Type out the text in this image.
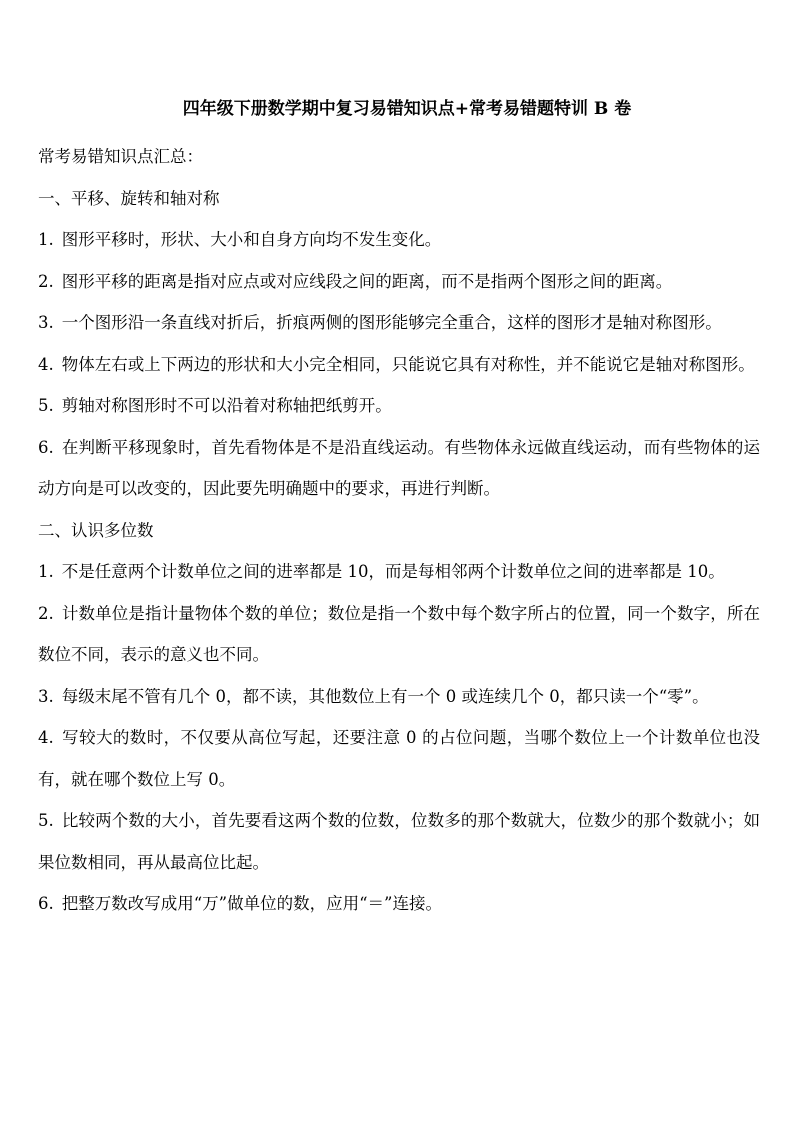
四年级下册数学期中复习易错知识点+常考易错题特训 B 卷

常考易错知识点汇总：

一、平移、旋转和轴对称

1. 图形平移时，形状、大小和自身方向均不发生变化。

2. 图形平移的距离是指对应点或对应线段之间的距离，而不是指两个图形之间的距离。

3. 一个图形沿一条直线对折后，折痕两侧的图形能够完全重合，这样的图形才是轴对称图形。

4. 物体左右或上下两边的形状和大小完全相同，只能说它具有对称性，并不能说它是轴对称图形。

5. 剪轴对称图形时不可以沿着对称轴把纸剪开。

6. 在判断平移现象时，首先看物体是不是沿直线运动。有些物体永远做直线运动，而有些物体的运动方向是可以改变的，因此要先明确题中的要求，再进行判断。

二、认识多位数

1. 不是任意两个计数单位之间的进率都是 10，而是每相邻两个计数单位之间的进率都是 10。

2. 计数单位是指计量物体个数的单位；数位是指一个数中每个数字所占的位置，同一个数字，所在数位不同，表示的意义也不同。

3. 每级末尾不管有几个 0，都不读，其他数位上有一个 0 或连续几个 0，都只读一个“零”。

4. 写较大的数时，不仅要从高位写起，还要注意 0 的占位问题，当哪个数位上一个计数单位也没有，就在哪个数位上写 0。

5. 比较两个数的大小，首先要看这两个数的位数，位数多的那个数就大，位数少的那个数就小；如果位数相同，再从最高位比起。

6. 把整万数改写成用“万”做单位的数，应用“＝”连接。
